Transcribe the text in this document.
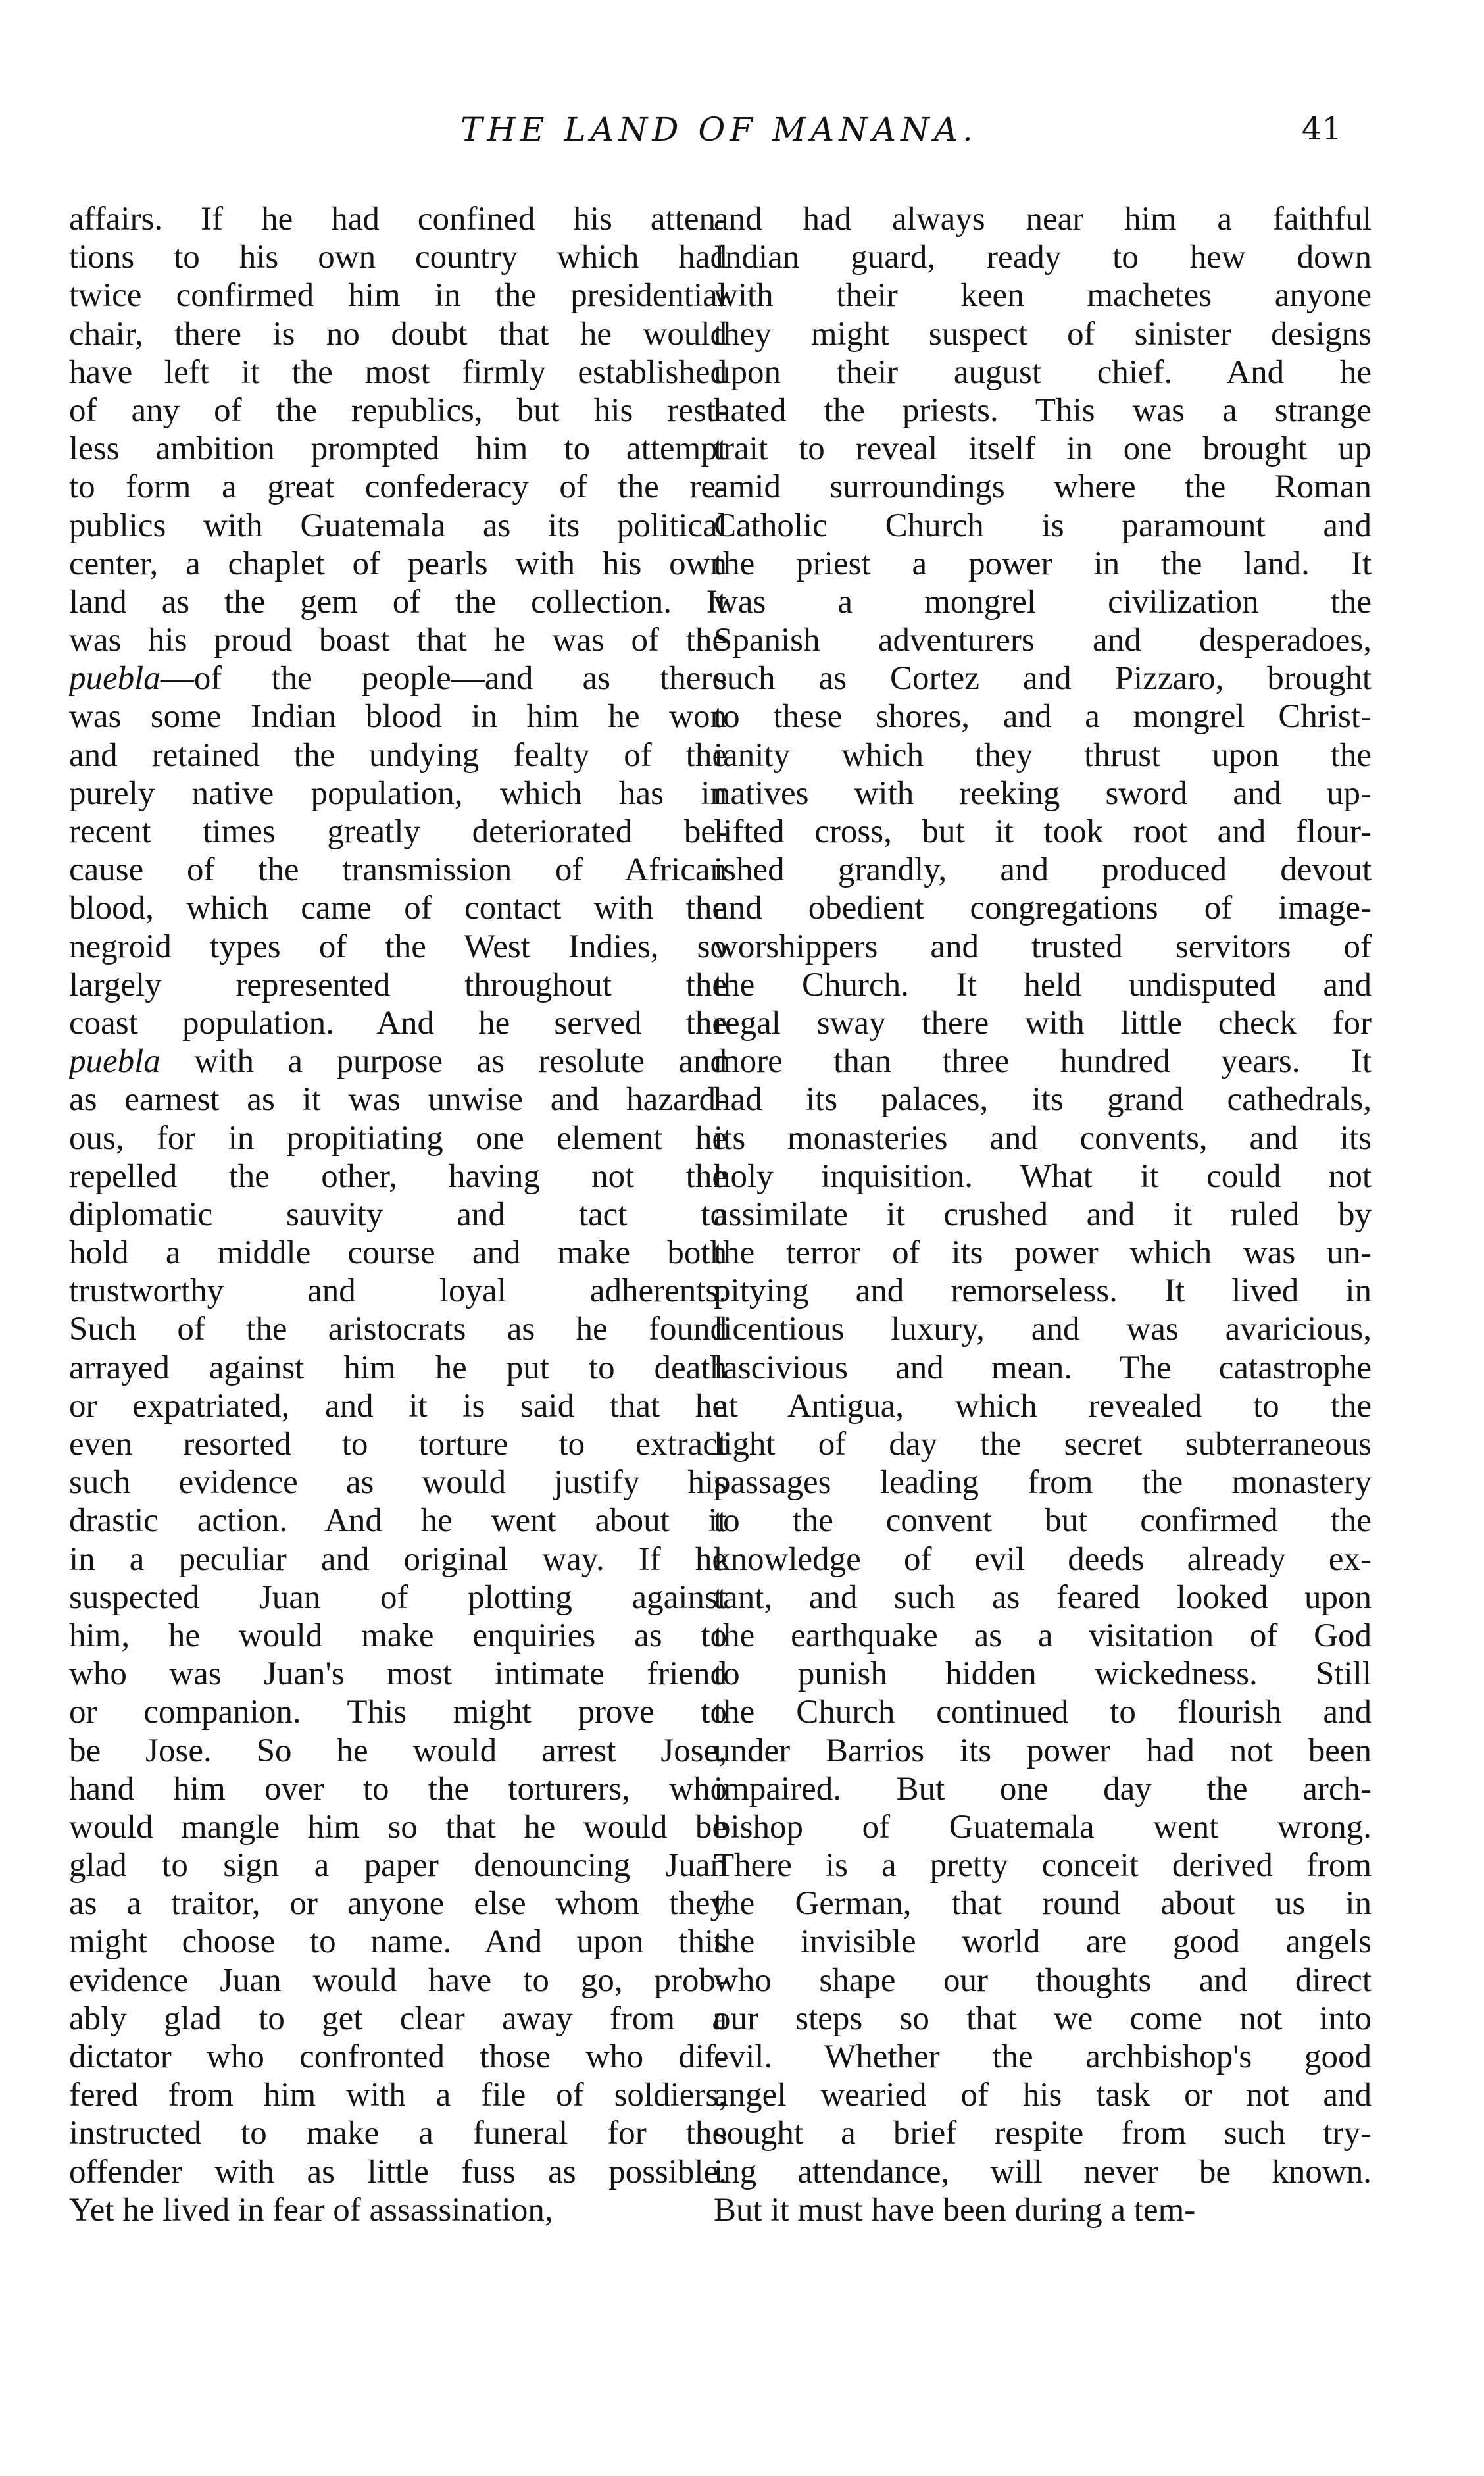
THE LAND OF MANANA.	41
affairs. If he had confined his atten-
tions to his own country which had
twice confirmed him in the presidential
chair, there is no doubt that he would
have left it the most firmly established
of any of the republics, but his rest-
less ambition prompted him to attempt
to form a great confederacy of the re-
publics with Guatemala as its political
center, a chaplet of pearls with his own
land as the gem of the collection. It
was his proud boast that he was of the
puebla—of the people—and as there
was some Indian blood in him he won
and retained the undying fealty of the
purely native population, which has in
recent times greatly deteriorated be-
cause of the transmission of African
blood, which came of contact with the
negroid types of the West Indies, so
largely represented throughout the
coast population. And he served the
puebla with a purpose as resolute and
as earnest as it was unwise and hazard-
ous, for in propitiating one element he
repelled the other, having not the
diplomatic sauvity and tact to
hold a middle course and make both
trustworthy and loyal adherents.
Such of the aristocrats as he found
arrayed against him he put to death
or expatriated, and it is said that he
even resorted to torture to extract
such evidence as would justify his
drastic action. And he went about it
in a peculiar and original way. If he
suspected Juan of plotting against
him, he would make enquiries as to
who was Juan's most intimate friend
or companion. This might prove to
be Jose. So he would arrest Jose,
hand him over to the torturers, who
would mangle him so that he would be
glad to sign a paper denouncing Juan
as a traitor, or anyone else whom they
might choose to name. And upon this
evidence Juan would have to go, prob-
ably glad to get clear away from a
dictator who confronted those who dif-
fered from him with a file of soldiers,
instructed to make a funeral for the
offender with as little fuss as possible.
Yet he lived in fear of assassination,
and had always near him a faithful
Indian guard, ready to hew down
with their keen machetes anyone
they might suspect of sinister designs
upon their august chief. And he
hated the priests. This was a strange
trait to reveal itself in one brought up
amid surroundings where the Roman
Catholic Church is paramount and
the priest a power in the land. It
was a mongrel civilization the
Spanish adventurers and desperadoes,
such as Cortez and Pizzaro, brought
to these shores, and a mongrel Christ-
ianity which they thrust upon the
natives with reeking sword and up-
lifted cross, but it took root and flour-
ished grandly, and produced devout
and obedient congregations of image-
worshippers and trusted servitors of
the Church. It held undisputed and
regal sway there with little check for
more than three hundred years. It
had its palaces, its grand cathedrals,
its monasteries and convents, and its
holy inquisition. What it could not
assimilate it crushed and it ruled by
the terror of its power which was un-
pitying and remorseless. It lived in
licentious luxury, and was avaricious,
lascivious and mean. The catastrophe
at Antigua, which revealed to the
light of day the secret subterraneous
passages leading from the monastery
to the convent but confirmed the
knowledge of evil deeds already ex-
tant, and such as feared looked upon
the earthquake as a visitation of God
to punish hidden wickedness. Still
the Church continued to flourish and
under Barrios its power had not been
impaired. But one day the arch-
bishop of Guatemala went wrong.
There is a pretty conceit derived from
the German, that round about us in
the invisible world are good angels
who shape our thoughts and direct
our steps so that we come not into
evil. Whether the archbishop's good
angel wearied of his task or not and
sought a brief respite from such try-
ing attendance, will never be known.
But it must have been during a tem-
